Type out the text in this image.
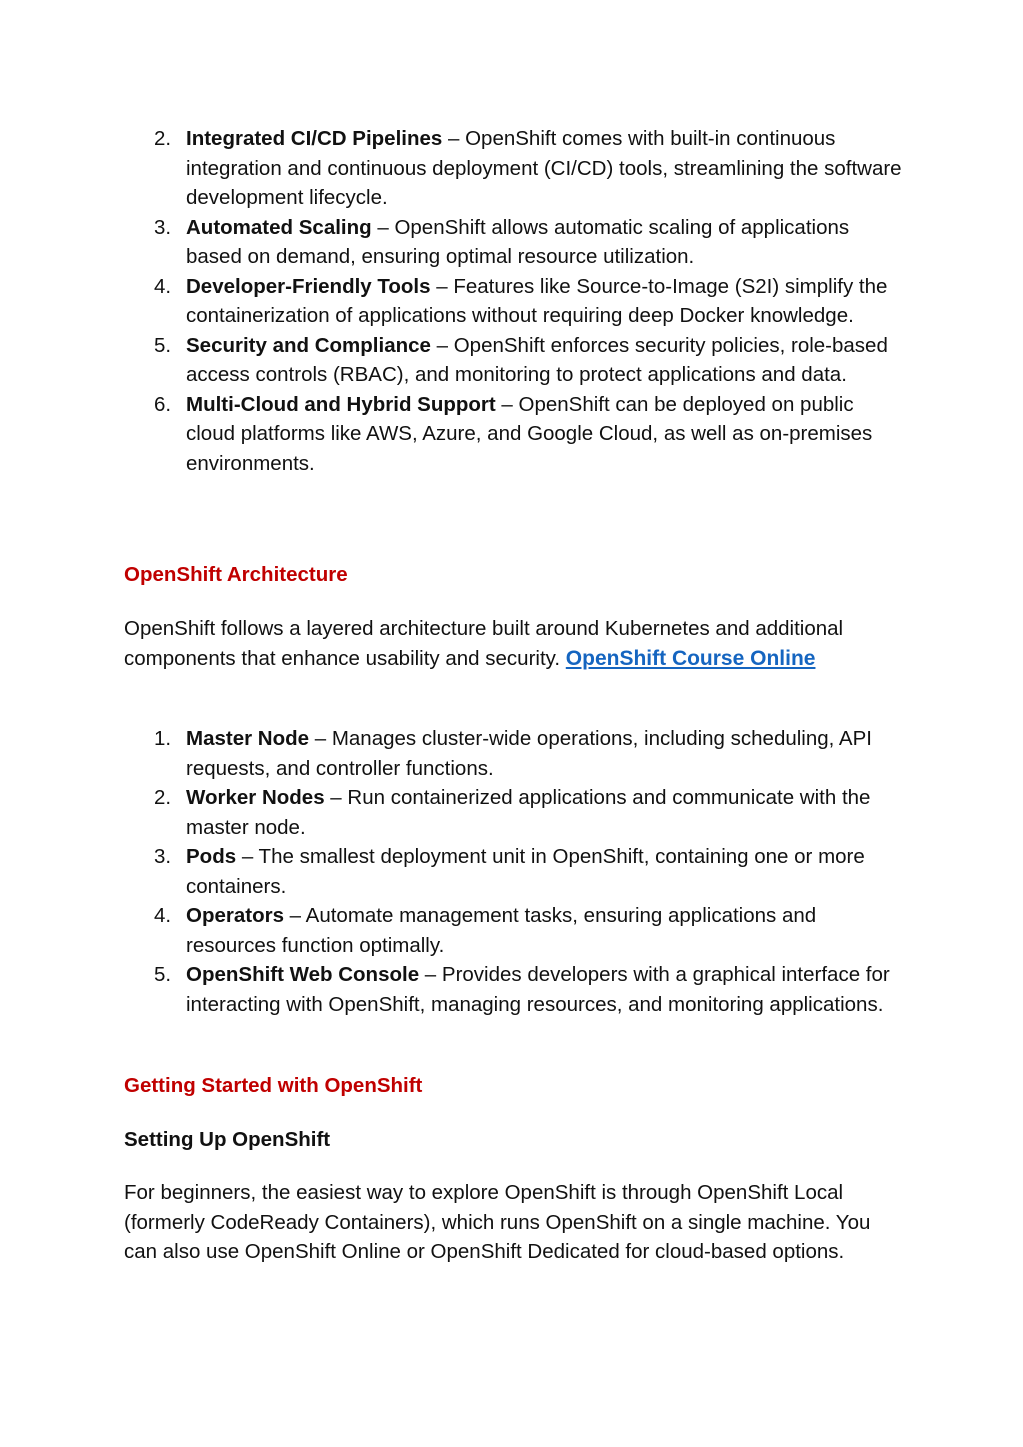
2. Integrated CI/CD Pipelines – OpenShift comes with built-in continuous integration and continuous deployment (CI/CD) tools, streamlining the software development lifecycle.
3. Automated Scaling – OpenShift allows automatic scaling of applications based on demand, ensuring optimal resource utilization.
4. Developer-Friendly Tools – Features like Source-to-Image (S2I) simplify the containerization of applications without requiring deep Docker knowledge.
5. Security and Compliance – OpenShift enforces security policies, role-based access controls (RBAC), and monitoring to protect applications and data.
6. Multi-Cloud and Hybrid Support – OpenShift can be deployed on public cloud platforms like AWS, Azure, and Google Cloud, as well as on-premises environments.
OpenShift Architecture
OpenShift follows a layered architecture built around Kubernetes and additional components that enhance usability and security. OpenShift Course Online
1. Master Node – Manages cluster-wide operations, including scheduling, API requests, and controller functions.
2. Worker Nodes – Run containerized applications and communicate with the master node.
3. Pods – The smallest deployment unit in OpenShift, containing one or more containers.
4. Operators – Automate management tasks, ensuring applications and resources function optimally.
5. OpenShift Web Console – Provides developers with a graphical interface for interacting with OpenShift, managing resources, and monitoring applications.
Getting Started with OpenShift
Setting Up OpenShift
For beginners, the easiest way to explore OpenShift is through OpenShift Local (formerly CodeReady Containers), which runs OpenShift on a single machine. You can also use OpenShift Online or OpenShift Dedicated for cloud-based options.
